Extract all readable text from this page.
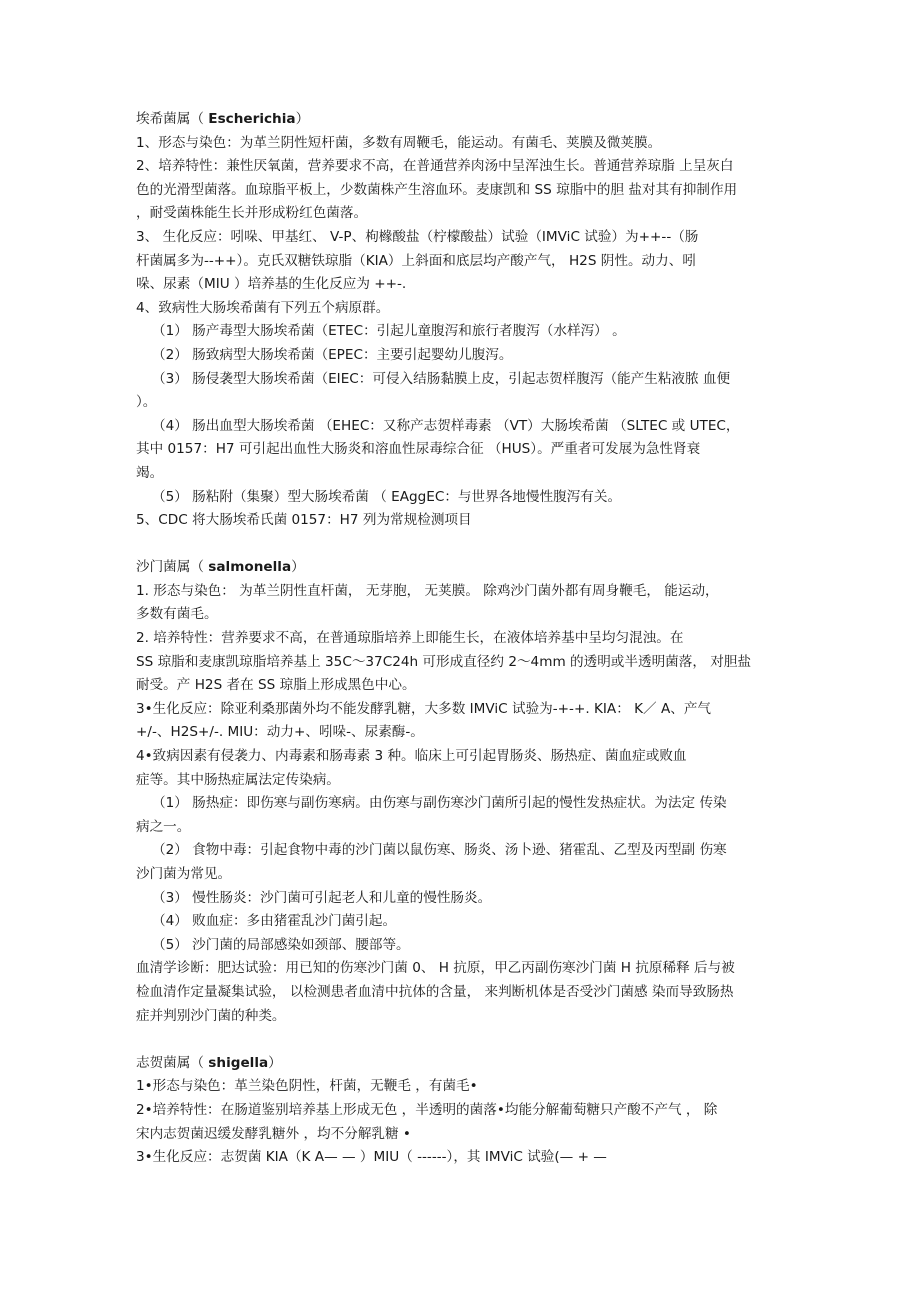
埃希菌属（ Escherichia）
1、形态与染色：为革兰阴性短杆菌，多数有周鞭毛，能运动。有菌毛、荚膜及微荚膜。
2、培养特性：兼性厌氧菌，营养要求不高，在普通营养肉汤中呈浑浊生长。普通营养琼脂 上呈灰白
色的光滑型菌落。血琼脂平板上，少数菌株产生溶血环。麦康凯和 SS 琼脂中的胆 盐对其有抑制作用
，耐受菌株能生长并形成粉红色菌落。
3、 生化反应：吲哚、甲基红、 V-P、枸橼酸盐（柠檬酸盐）试验（IMViC 试验）为++--（肠
杆菌属多为--++）。克氏双糖铁琼脂（KIA）上斜面和底层均产酸产气， H2S 阴性。动力、吲
哚、尿素（MIU ）培养基的生化反应为 ++-.
4、致病性大肠埃希菌有下列五个病原群。
（1） 肠产毒型大肠埃希菌（ETEC：引起儿童腹泻和旅行者腹泻（水样泻） 。
（2） 肠致病型大肠埃希菌（EPEC：主要引起婴幼儿腹泻。
（3） 肠侵袭型大肠埃希菌（EIEC：可侵入结肠黏膜上皮，引起志贺样腹泻（能产生粘液脓 血便
）。
（4） 肠出血型大肠埃希菌 （EHEC：又称产志贺样毒素 （VT）大肠埃希菌 （SLTEC 或 UTEC，
其中 0157：H7 可引起出血性大肠炎和溶血性尿毒综合征 （HUS）。严重者可发展为急性肾衰
竭。
（5） 肠粘附（集聚）型大肠埃希菌 （ EAggEC：与世界各地慢性腹泻有关。
5、CDC 将大肠埃希氏菌 0157：H7 列为常规检测项目
沙门菌属（ salmonella）
1. 形态与染色： 为革兰阴性直杆菌， 无芽胞， 无荚膜。 除鸡沙门菌外都有周身鞭毛， 能运动，
多数有菌毛。
2. 培养特性：营养要求不高，在普通琼脂培养上即能生长，在液体培养基中呈均匀混浊。在
SS 琼脂和麦康凯琼脂培养基上 35C〜37C24h 可形成直径约 2〜4mm 的透明或半透明菌落， 对胆盐
耐受。产 H2S 者在 SS 琼脂上形成黑色中心。
3•生化反应：除亚利桑那菌外均不能发酵乳糖，大多数 IMViC 试验为-+-+. KIA： K／ A、产气
+/-、H2S+/-. MIU：动力+、吲哚-、尿素酶-。
4•致病因素有侵袭力、内毒素和肠毒素 3 种。临床上可引起胃肠炎、肠热症、菌血症或败血
症等。其中肠热症属法定传染病。
（1） 肠热症：即伤寒与副伤寒病。由伤寒与副伤寒沙门菌所引起的慢性发热症状。为法定 传染
病之一。
（2） 食物中毒：引起食物中毒的沙门菌以鼠伤寒、肠炎、汤卜逊、猪霍乱、乙型及丙型副 伤寒
沙门菌为常见。
（3） 慢性肠炎：沙门菌可引起老人和儿童的慢性肠炎。
（4） 败血症：多由猪霍乱沙门菌引起。
（5） 沙门菌的局部感染如颈部、腰部等。
血清学诊断：肥达试验：用已知的伤寒沙门菌 0、 H 抗原，甲乙丙副伤寒沙门菌 H 抗原稀释 后与被
检血清作定量凝集试验， 以检测患者血清中抗体的含量， 来判断机体是否受沙门菌感 染而导致肠热
症并判别沙门菌的种类。
志贺菌属（ shigella）
1•形态与染色：革兰染色阴性，杆菌，无鞭毛 ，有菌毛•
2•培养特性：在肠道鉴别培养基上形成无色 ，半透明的菌落•均能分解葡萄糖只产酸不产气 ， 除
宋内志贺菌迟缓发酵乳糖外 ，均不分解乳糖 •
3•生化反应：志贺菌 KIA（K A— — ）MIU（ ------），其 IMViC 试验(— + —
